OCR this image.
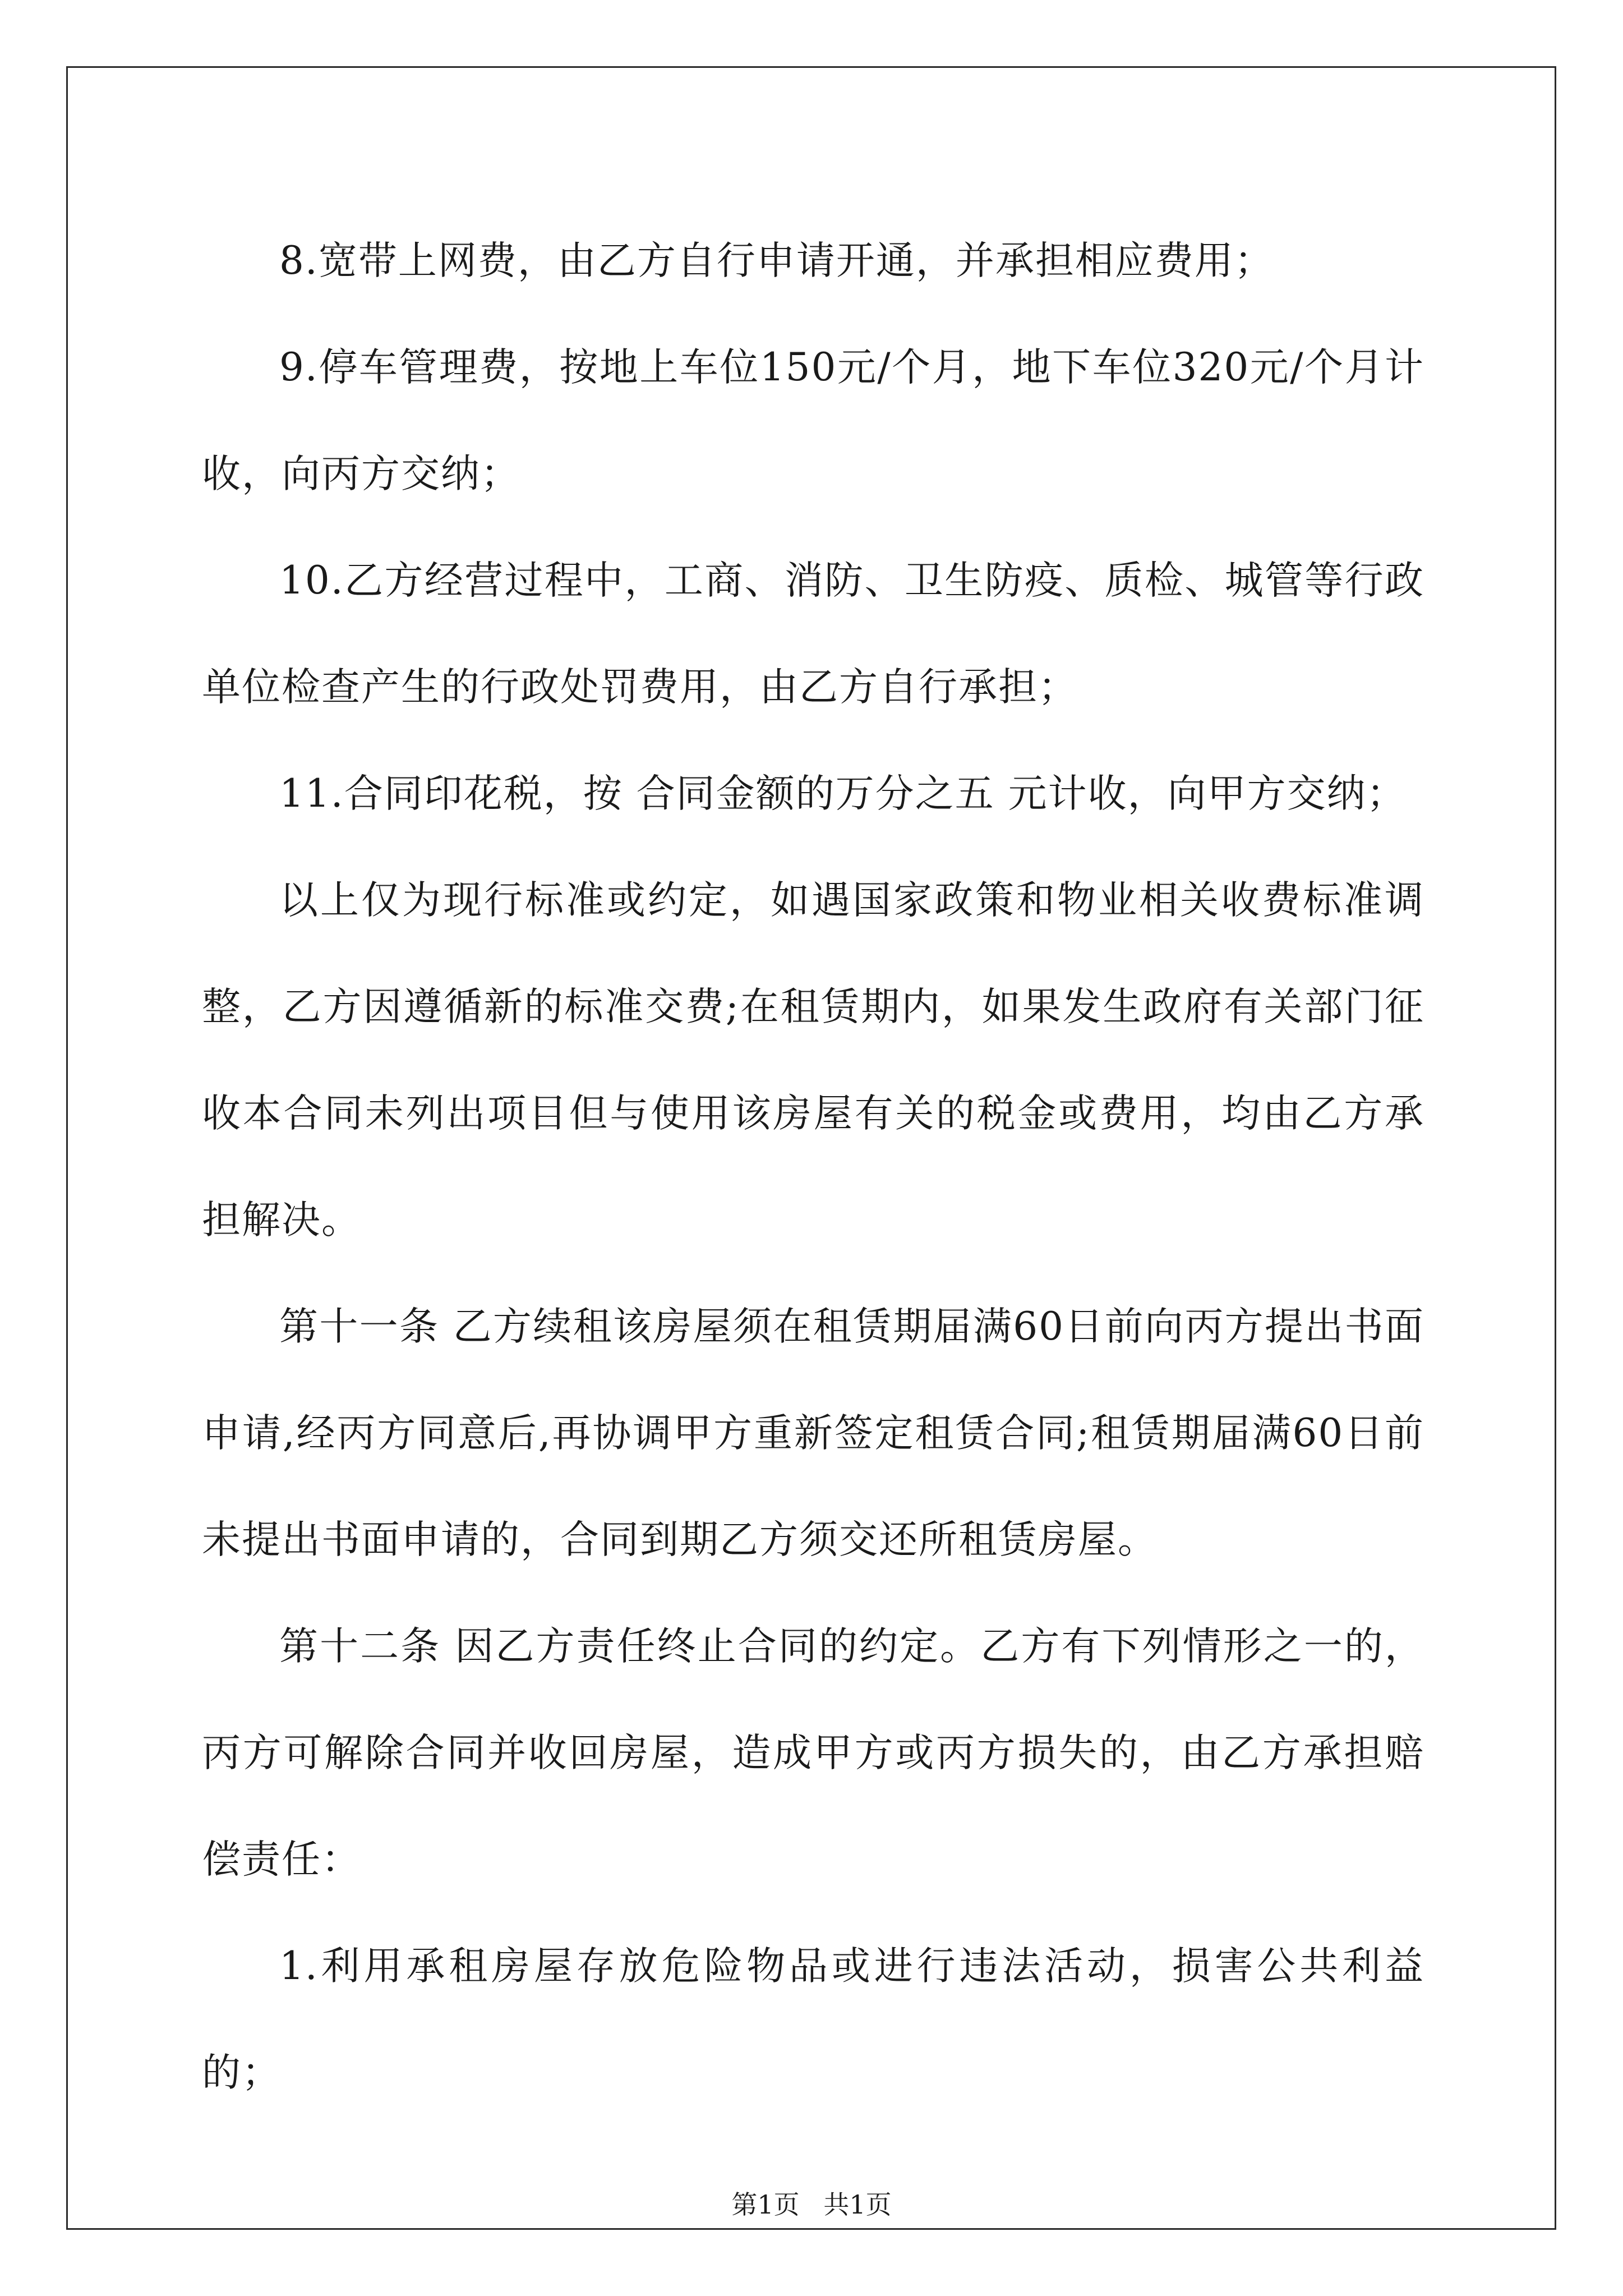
8.宽带上网费，由乙方自行申请开通，并承担相应费用；

9.停车管理费，按地上车位150元/个月，地下车位320元/个月计收，向丙方交纳；

10.乙方经营过程中，工商、消防、卫生防疫、质检、城管等行政单位检查产生的行政处罚费用，由乙方自行承担；

11.合同印花税，按 合同金额的万分之五 元计收，向甲方交纳；

以上仅为现行标准或约定，如遇国家政策和物业相关收费标准调整，乙方因遵循新的标准交费;在租赁期内，如果发生政府有关部门征收本合同未列出项目但与使用该房屋有关的税金或费用，均由乙方承担解决。

第十一条 乙方续租该房屋须在租赁期届满60日前向丙方提出书面申请,经丙方同意后,再协调甲方重新签定租赁合同;租赁期届满60日前未提出书面申请的，合同到期乙方须交还所租赁房屋。

第十二条 因乙方责任终止合同的约定。乙方有下列情形之一的，丙方可解除合同并收回房屋，造成甲方或丙方损失的，由乙方承担赔偿责任：

1.利用承租房屋存放危险物品或进行违法活动，损害公共利益的；

第1页 共1页
